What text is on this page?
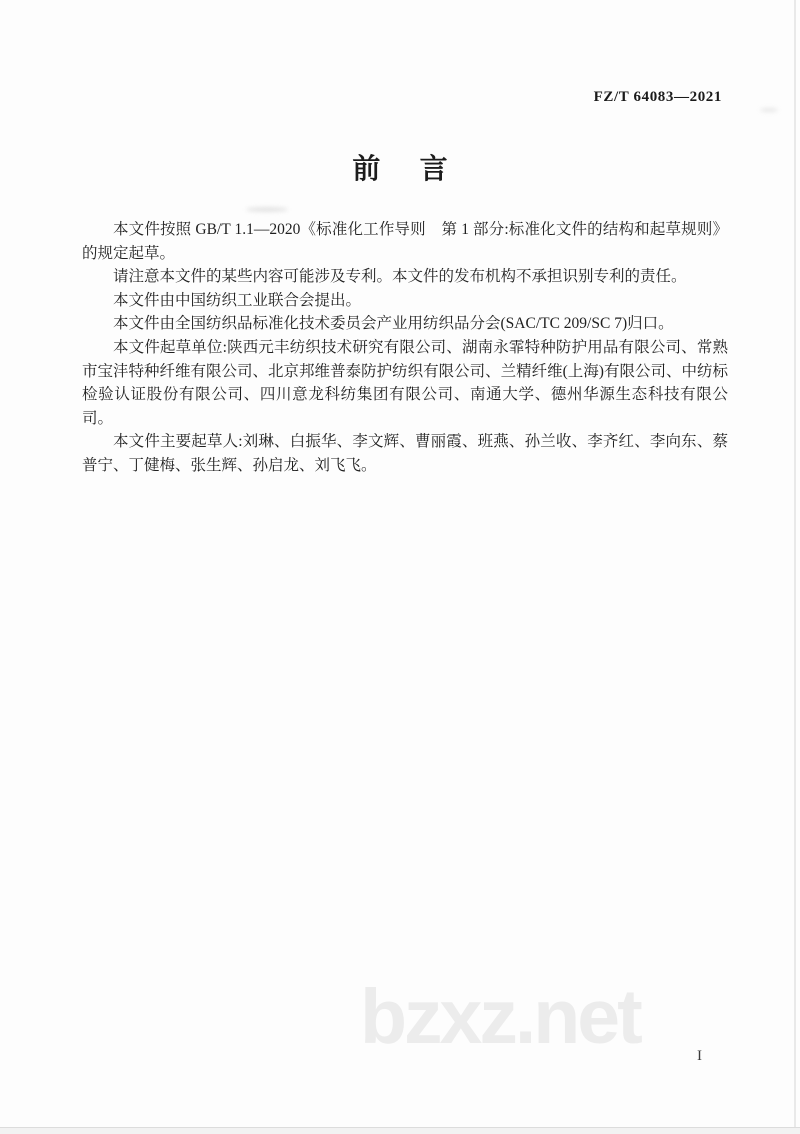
FZ/T 64083—2021
前 言

本文件按照 GB/T 1.1—2020《标准化工作导则　第 1 部分:标准化文件的结构和起草规则》的规定起草。

请注意本文件的某些内容可能涉及专利。本文件的发布机构不承担识别专利的责任。

本文件由中国纺织工业联合会提出。

本文件由全国纺织品标准化技术委员会产业用纺织品分会(SAC/TC 209/SC 7)归口。

本文件起草单位:陕西元丰纺织技术研究有限公司、湖南永霏特种防护用品有限公司、常熟市宝沣特种纤维有限公司、北京邦维普泰防护纺织有限公司、兰精纤维(上海)有限公司、中纺标检验认证股份有限公司、四川意龙科纺集团有限公司、南通大学、德州华源生态科技有限公司。

本文件主要起草人:刘琳、白振华、李文辉、曹丽霞、班燕、孙兰收、李齐红、李向东、蔡普宁、丁健梅、张生辉、孙启龙、刘飞飞。

bzxz.net	I
